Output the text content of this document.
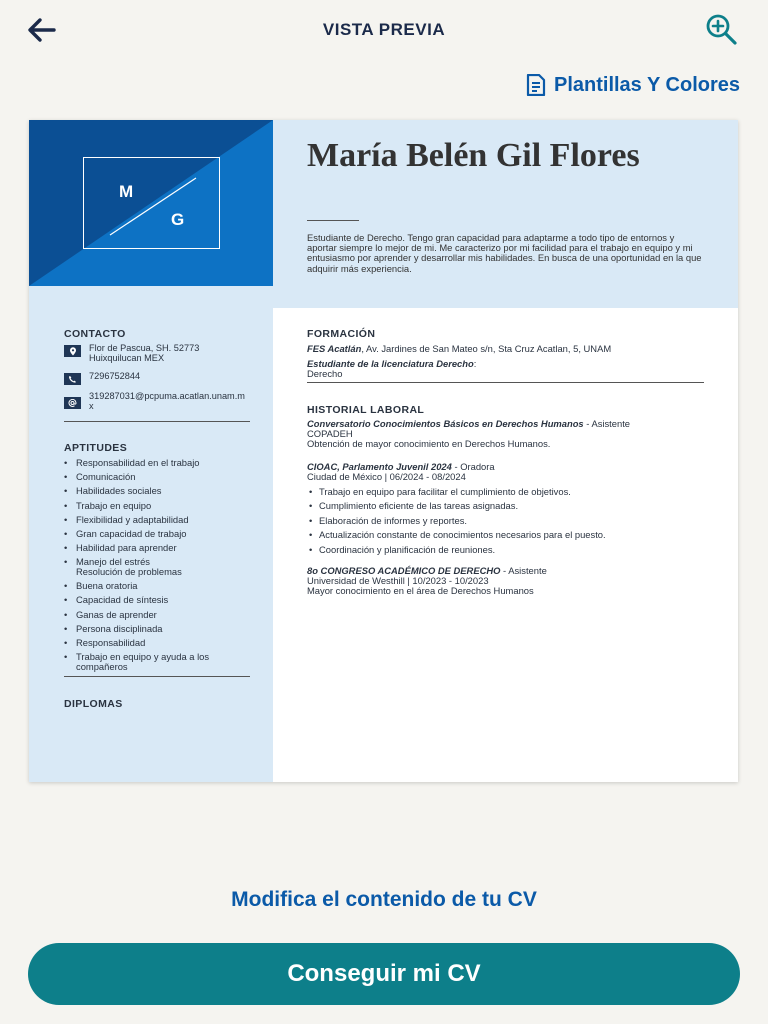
VISTA PREVIA
Plantillas Y Colores
M
G
María Belén Gil Flores
Estudiante de Derecho. Tengo gran capacidad para adaptarme a todo tipo de entornos y aportar siempre lo mejor de mi. Me caracterizo por mi facilidad para el trabajo en equipo y mi entusiasmo por aprender y desarrollar mis habilidades. En busca de una oportunidad en la que adquirir más experiencia.
CONTACTO
Flor de Pascua, SH. 52773 Huixquilucan MEX
7296752844
319287031@pcpuma.acatlan.unam.mx
APTITUDES
• Responsabilidad en el trabajo
• Comunicación
• Habilidades sociales
• Trabajo en equipo
• Flexibilidad y adaptabilidad
• Gran capacidad de trabajo
• Habilidad para aprender
• Manejo del estrés Resolución de problemas
• Buena oratoria
• Capacidad de síntesis
• Ganas de aprender
• Persona disciplinada
• Responsabilidad
• Trabajo en equipo y ayuda a los compañeros
DIPLOMAS
FORMACIÓN
FES Acatlán, Av. Jardines de San Mateo s/n, Sta Cruz Acatlan, 5, UNAM
Estudiante de la licenciatura Derecho:
Derecho
HISTORIAL LABORAL
Conversatorio Conocimientos Básicos en Derechos Humanos - Asistente
COPADEH
Obtención de mayor conocimiento en Derechos Humanos.
CIOAC, Parlamento Juvenil 2024 - Oradora
Ciudad de México | 06/2024 - 08/2024
• Trabajo en equipo para facilitar el cumplimiento de objetivos.
• Cumplimiento eficiente de las tareas asignadas.
• Elaboración de informes y reportes.
• Actualización constante de conocimientos necesarios para el puesto.
• Coordinación y planificación de reuniones.
8o CONGRESO ACADÉMICO DE DERECHO - Asistente
Universidad de Westhill | 10/2023 - 10/2023
Mayor conocimiento en el área de Derechos Humanos
Modifica el contenido de tu CV
Conseguir mi CV
